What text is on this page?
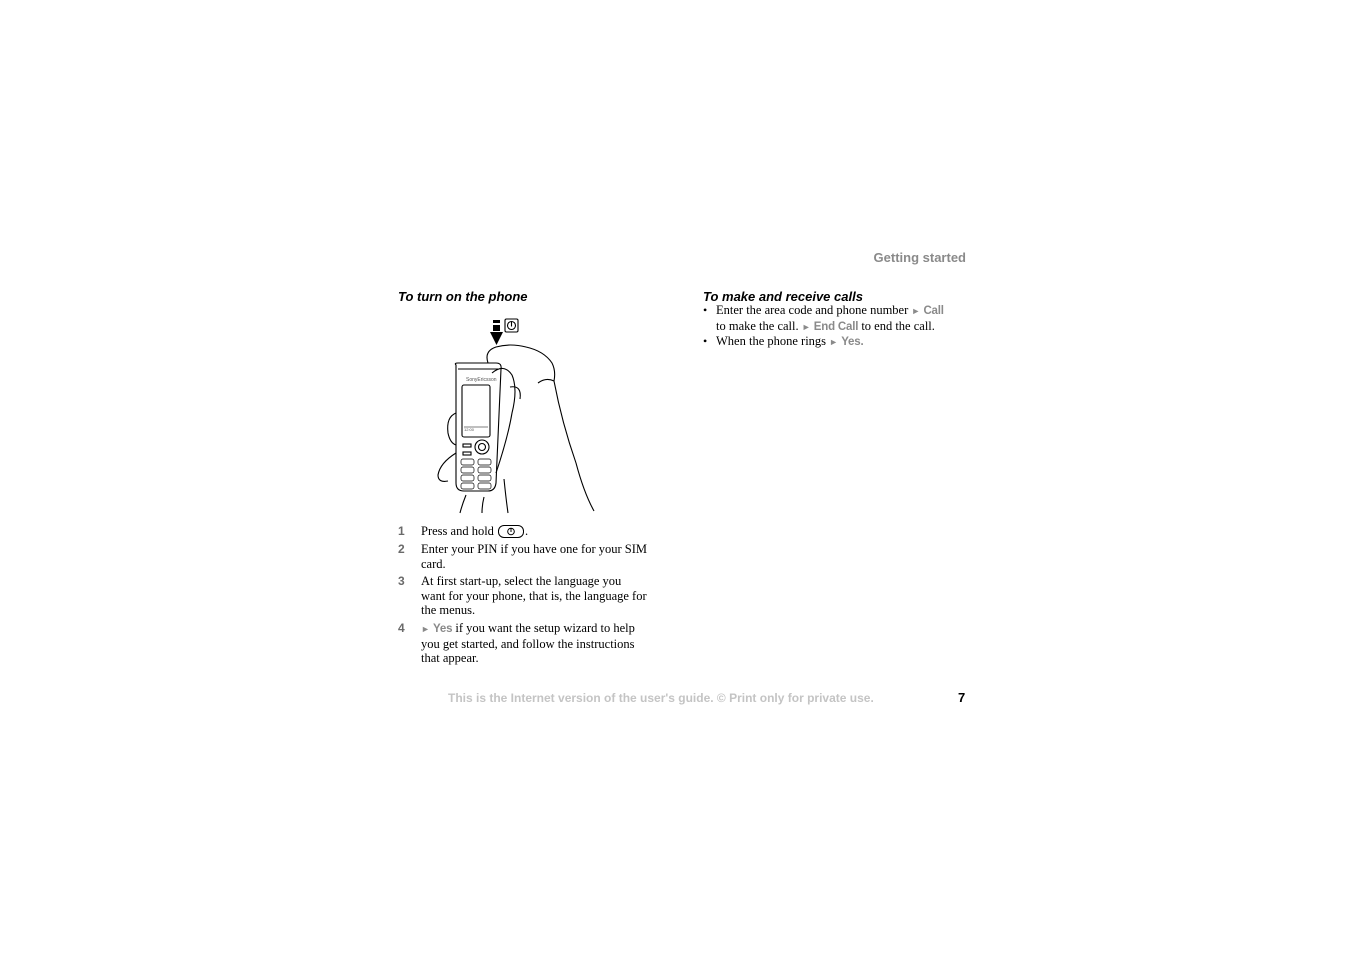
Getting started
To turn on the phone
SonyEricsson
12:00
1	Press and hold .
2	Enter your PIN if you have one for your SIM card.
3	At first start-up, select the language you want for your phone, that is, the language for the menus.
4	► Yes if you want the setup wizard to help you get started, and follow the instructions that appear.
To make and receive calls
• Enter the area code and phone number ► Call
to make the call. ► End Call to end the call.
• When the phone rings ► Yes.
This is the Internet version of the user's guide. © Print only for private use.	7
